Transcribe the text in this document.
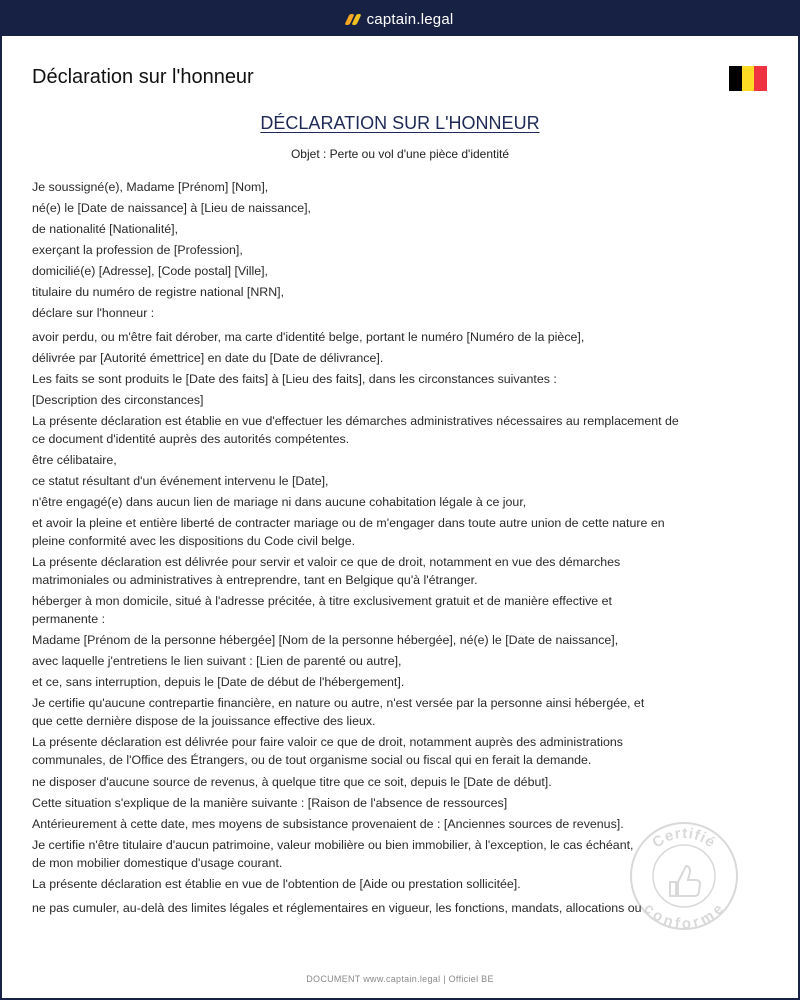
captain.legal
Déclaration sur l'honneur
DÉCLARATION SUR L'HONNEUR
Objet : Perte ou vol d'une pièce d'identité
Je soussigné(e), Madame [Prénom] [Nom],
né(e) le [Date de naissance] à [Lieu de naissance],
de nationalité [Nationalité],
exerçant la profession de [Profession],
domicilié(e) [Adresse], [Code postal] [Ville],
titulaire du numéro de registre national [NRN],
déclare sur l'honneur :
avoir perdu, ou m'être fait dérober, ma carte d'identité belge, portant le numéro [Numéro de la pièce],
délivrée par [Autorité émettrice] en date du [Date de délivrance].
Les faits se sont produits le [Date des faits] à [Lieu des faits], dans les circonstances suivantes :
[Description des circonstances]
La présente déclaration est établie en vue d'effectuer les démarches administratives nécessaires au remplacement de
ce document d'identité auprès des autorités compétentes.
être célibataire,
ce statut résultant d'un événement intervenu le [Date],
n'être engagé(e) dans aucun lien de mariage ni dans aucune cohabitation légale à ce jour,
et avoir la pleine et entière liberté de contracter mariage ou de m'engager dans toute autre union de cette nature en
pleine conformité avec les dispositions du Code civil belge.
La présente déclaration est délivrée pour servir et valoir ce que de droit, notamment en vue des démarches
matrimoniales ou administratives à entreprendre, tant en Belgique qu'à l'étranger.
héberger à mon domicile, situé à l'adresse précitée, à titre exclusivement gratuit et de manière effective et
permanente :
Madame [Prénom de la personne hébergée] [Nom de la personne hébergée], né(e) le [Date de naissance],
avec laquelle j'entretiens le lien suivant : [Lien de parenté ou autre],
et ce, sans interruption, depuis le [Date de début de l'hébergement].
Je certifie qu'aucune contrepartie financière, en nature ou autre, n'est versée par la personne ainsi hébergée, et
que cette dernière dispose de la jouissance effective des lieux.
La présente déclaration est délivrée pour faire valoir ce que de droit, notamment auprès des administrations
communales, de l'Office des Étrangers, ou de tout organisme social ou fiscal qui en ferait la demande.
ne disposer d'aucune source de revenus, à quelque titre que ce soit, depuis le [Date de début].
Cette situation s'explique de la manière suivante : [Raison de l'absence de ressources]
Antérieurement à cette date, mes moyens de subsistance provenaient de : [Anciennes sources de revenus].
Je certifie n'être titulaire d'aucun patrimoine, valeur mobilière ou bien immobilier, à l'exception, le cas échéant,
de mon mobilier domestique d'usage courant.
La présente déclaration est établie en vue de l'obtention de [Aide ou prestation sollicitée].
ne pas cumuler, au-delà des limites légales et réglementaires en vigueur, les fonctions, mandats, allocations ou
Certifié
conforme
DOCUMENT www.captain.legal | Officiel BE
